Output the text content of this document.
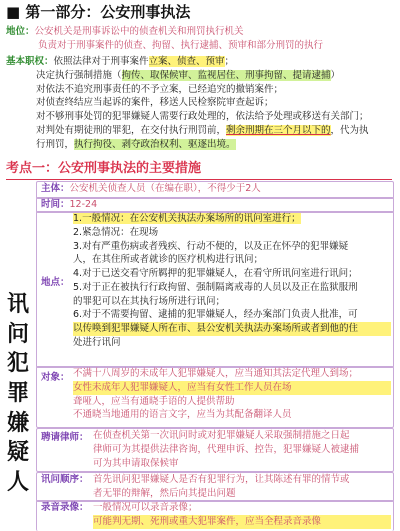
■ 第一部分：公安刑事执法
地位：公安机关是刑事诉讼中的侦查机关和刑罚执行机关
负责对于刑事案件的侦查、拘留、执行逮捕、预审和部分刑罚的执行
基本职权：依照法律对于刑事案件立案、侦查、预审；
决定执行强制措施（拘传、取保候审、监视居住、刑事拘留、提请逮捕）
对依法不追究刑事责任的不予立案，已经追究的撤销案件；
对侦查终结应当起诉的案件，移送人民检察院审查起诉；
对不够刑事处罚的犯罪嫌疑人需要行政处理的，依法给予处理或移送有关部门；
对判处有期徒刑的罪犯，在交付执行刑罚前，剩余刑期在三个月以下的，代为执
行刑罚，执行拘役、剥夺政治权利、驱逐出境。
考点一：公安刑事执法的主要措施
讯
问
犯
罪
嫌
疑
人
主体：公安机关侦查人员（在编在职），不得少于2人
时间：12-24
地点：
1.一般情况：在公安机关执法办案场所的讯问室进行；
2.紧急情况：在现场
3.对有严重伤病或者残疾、行动不便的，以及正在怀孕的犯罪嫌疑
人，在其住所或者就诊的医疗机构进行讯问；
4.对于已送交看守所羁押的犯罪嫌疑人，在看守所讯问室进行讯问；
5.对于正在被执行行政拘留、强制隔离戒毒的人员以及正在监狱服刑
的罪犯可以在其执行场所进行讯问；
6.对于不需要拘留、逮捕的犯罪嫌疑人，经办案部门负责人批准，可
以传唤到犯罪嫌疑人所在市、县公安机关执法办案场所或者到他的住
处进行讯问
对象： 不满十八周岁的未成年人犯罪嫌疑人，应当通知其法定代理人到场；
女性未成年人犯罪嫌疑人，应当有女性工作人员在场
聋哑人，应当有通晓手语的人提供帮助
不通晓当地通用的语言文字，应当为其配备翻译人员
聘请律师： 在侦查机关第一次讯问时或对犯罪嫌疑人采取强制措施之日起
律师可为其提供法律咨询，代理申诉、控告，犯罪嫌疑人被逮捕
可为其申请取保候审
讯问顺序： 首先讯问犯罪嫌疑人是否有犯罪行为，让其陈述有罪的情节或
者无罪的辩解，然后向其提出问题
录音录像： 一般情况可以录音录像；
可能判无期、死刑或重大犯罪案件，应当全程录音录像
